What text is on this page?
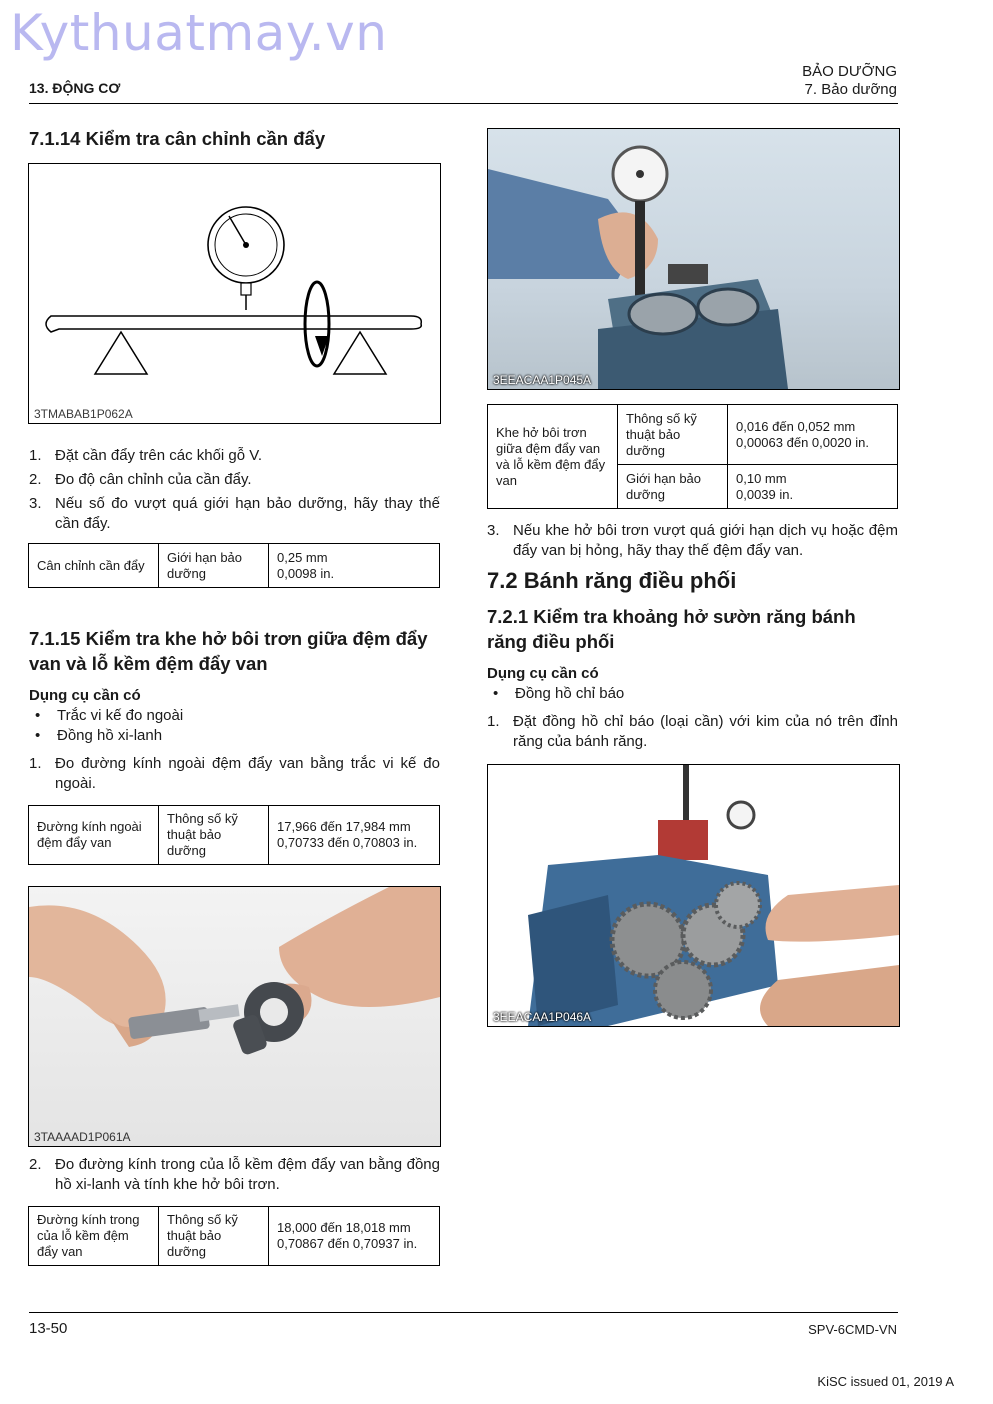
Kythuatmay.vn
13. ĐỘNG CƠ
BẢO DƯỠNG
7. Bảo dưỡng
7.1.14 Kiểm tra cân chỉnh cần đẩy
3TMABAB1P062A
1. Đặt cần đẩy trên các khối gỗ V.
2. Đo độ cân chỉnh của cần đẩy.
3. Nếu số đo vượt quá giới hạn bảo dưỡng, hãy thay thế cần đẩy.
Cân chỉnh cần đẩy	Giới hạn bảo dưỡng	
0,25 mm
0,0098 in.
7.1.15 Kiểm tra khe hở bôi trơn giữa đệm đẩy van và lỗ kềm đệm đẩy van
Dụng cụ cần có
• Trắc vi kế đo ngoài
• Đồng hồ xi-lanh
1. Đo đường kính ngoài đệm đẩy van bằng trắc vi kế đo ngoài.
Đường kính ngoài đệm đẩy van	Thông số kỹ thuật bảo dưỡng	
17,966 đến 17,984 mm
0,70733 đến 0,70803 in.
3TAAAAD1P061A
2. Đo đường kính trong của lỗ kềm đệm đẩy van bằng đồng hồ xi-lanh và tính khe hở bôi trơn.
Đường kính trong của lỗ kềm đệm đẩy van	Thông số kỹ thuật bảo dưỡng	
18,000 đến 18,018 mm
0,70867 đến 0,70937 in.
3EEACAA1P045A
Khe hở bôi trơn giữa đệm đẩy van và lỗ kềm đệm đẩy van	Thông số kỹ thuật bảo dưỡng	0,016 đến 0,052 mm
0,00063 đến 0,0020 in.

	Giới hạn bảo dưỡng	0,10 mm
0,0039 in.
3. Nếu khe hở bôi trơn vượt quá giới hạn dịch vụ hoặc đệm đẩy van bị hỏng, hãy thay thế đệm đẩy van.
7.2 Bánh răng điều phối
7.2.1 Kiểm tra khoảng hở sườn răng bánh răng điều phối
Dụng cụ cần có
• Đồng hồ chỉ báo
1. Đặt đồng hồ chỉ báo (loại cần) với kim của nó trên đỉnh răng của bánh răng.
3EEACAA1P046A
13-50	SPV-6CMD-VN
KiSC issued 01, 2019 A
